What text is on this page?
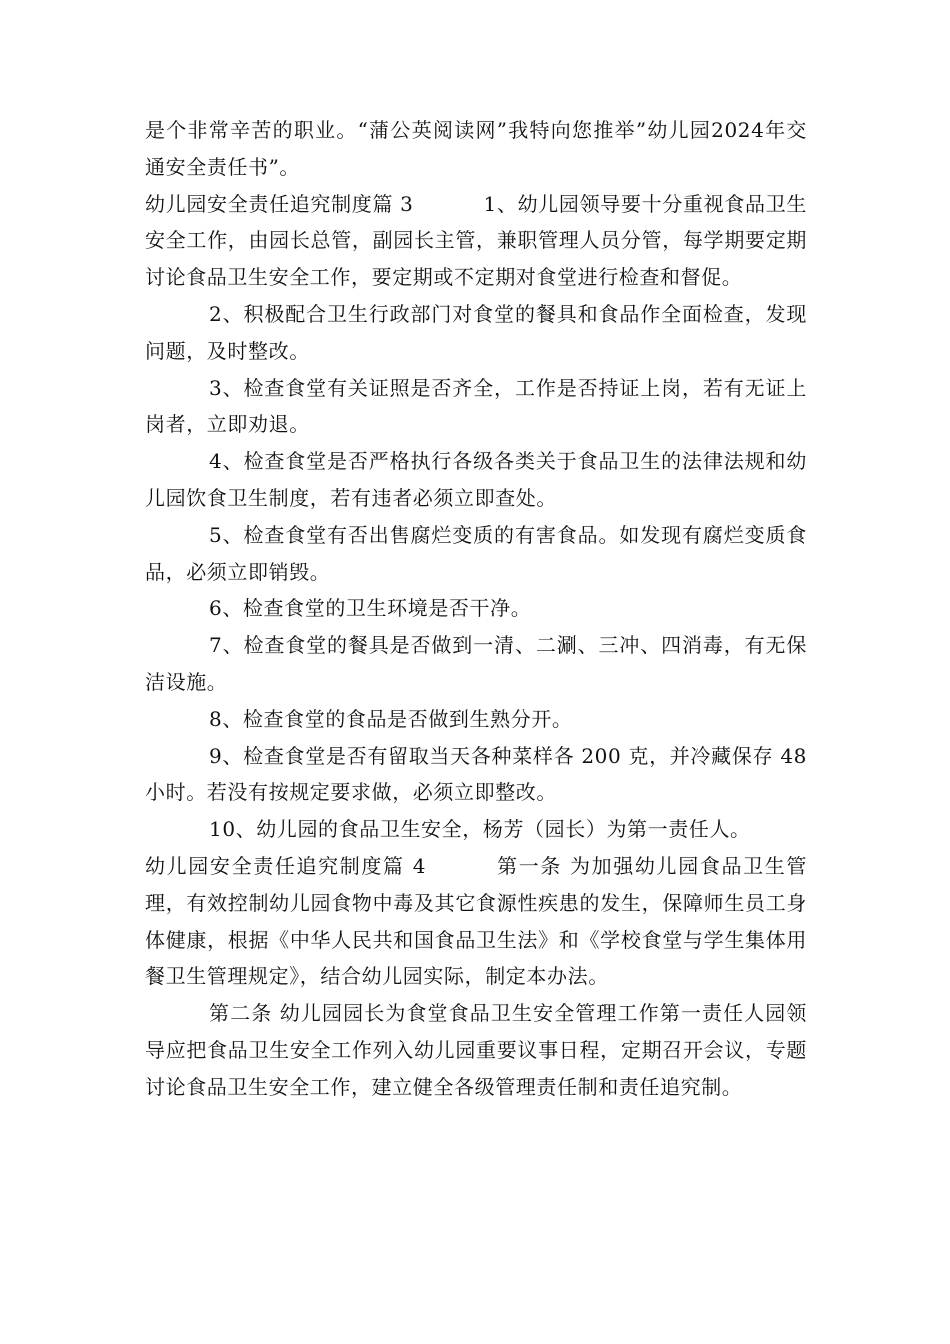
是个非常辛苦的职业。“蒲公英阅读网”我特向您推举”幼儿园2024年交通安全责任书”。

幼儿园安全责任追究制度篇 3	1、幼儿园领导要十分重视食品卫生安全工作，由园长总管，副园长主管，兼职管理人员分管，每学期要定期讨论食品卫生安全工作，要定期或不定期对食堂进行检查和督促。

2、积极配合卫生行政部门对食堂的餐具和食品作全面检查，发现问题，及时整改。

3、检查食堂有关证照是否齐全，工作是否持证上岗，若有无证上岗者，立即劝退。

4、检查食堂是否严格执行各级各类关于食品卫生的法律法规和幼儿园饮食卫生制度，若有违者必须立即查处。

5、检查食堂有否出售腐烂变质的有害食品。如发现有腐烂变质食品，必须立即销毁。

6、检查食堂的卫生环境是否干净。

7、检查食堂的餐具是否做到一清、二涮、三冲、四消毒，有无保洁设施。

8、检查食堂的食品是否做到生熟分开。

9、检查食堂是否有留取当天各种菜样各 200 克，并冷藏保存 48 小时。若没有按规定要求做，必须立即整改。

10、幼儿园的食品卫生安全，杨芳（园长）为第一责任人。

幼儿园安全责任追究制度篇 4	第一条 为加强幼儿园食品卫生管理，有效控制幼儿园食物中毒及其它食源性疾患的发生，保障师生员工身体健康，根据《中华人民共和国食品卫生法》和《学校食堂与学生集体用餐卫生管理规定》，结合幼儿园实际，制定本办法。

第二条 幼儿园园长为食堂食品卫生安全管理工作第一责任人园领导应把食品卫生安全工作列入幼儿园重要议事日程，定期召开会议，专题讨论食品卫生安全工作，建立健全各级管理责任制和责任追究制。
